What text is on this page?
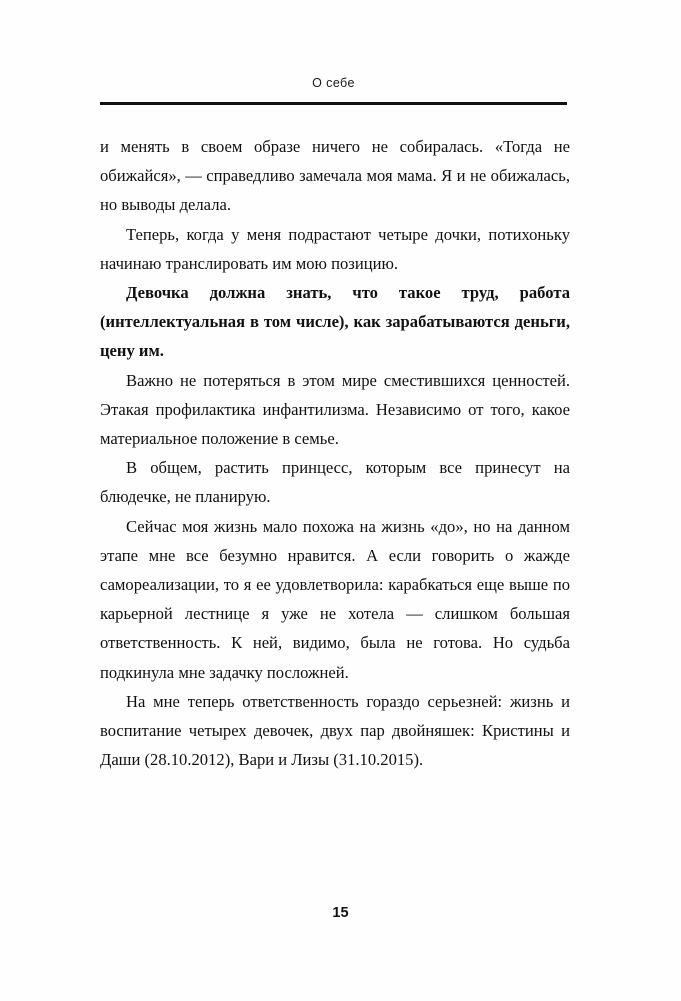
О себе

и менять в своем образе ничего не собиралась. «Тогда не обижайся», — справедливо замечала моя мама. Я и не обижалась, но выводы делала.

Теперь, когда у меня подрастают четыре дочки, потихоньку начинаю транслировать им мою позицию.

Девочка должна знать, что такое труд, работа (интеллектуальная в том числе), как зарабатываются деньги, цену им.

Важно не потеряться в этом мире сместившихся ценностей. Этакая профилактика инфантилизма. Независимо от того, какое материальное положение в семье.

В общем, растить принцесс, которым все принесут на блюдечке, не планирую.

Сейчас моя жизнь мало похожа на жизнь «до», но на данном этапе мне все безумно нравится. А если говорить о жажде самореализации, то я ее удовлетворила: карабкаться еще выше по карьерной лестнице я уже не хотела — слишком большая ответственность. К ней, видимо, была не готова. Но судьба подкинула мне задачку посложней.

На мне теперь ответственность гораздо серьезней: жизнь и воспитание четырех девочек, двух пар двойняшек: Кристины и Даши (28.10.2012), Вари и Лизы (31.10.2015).

15
